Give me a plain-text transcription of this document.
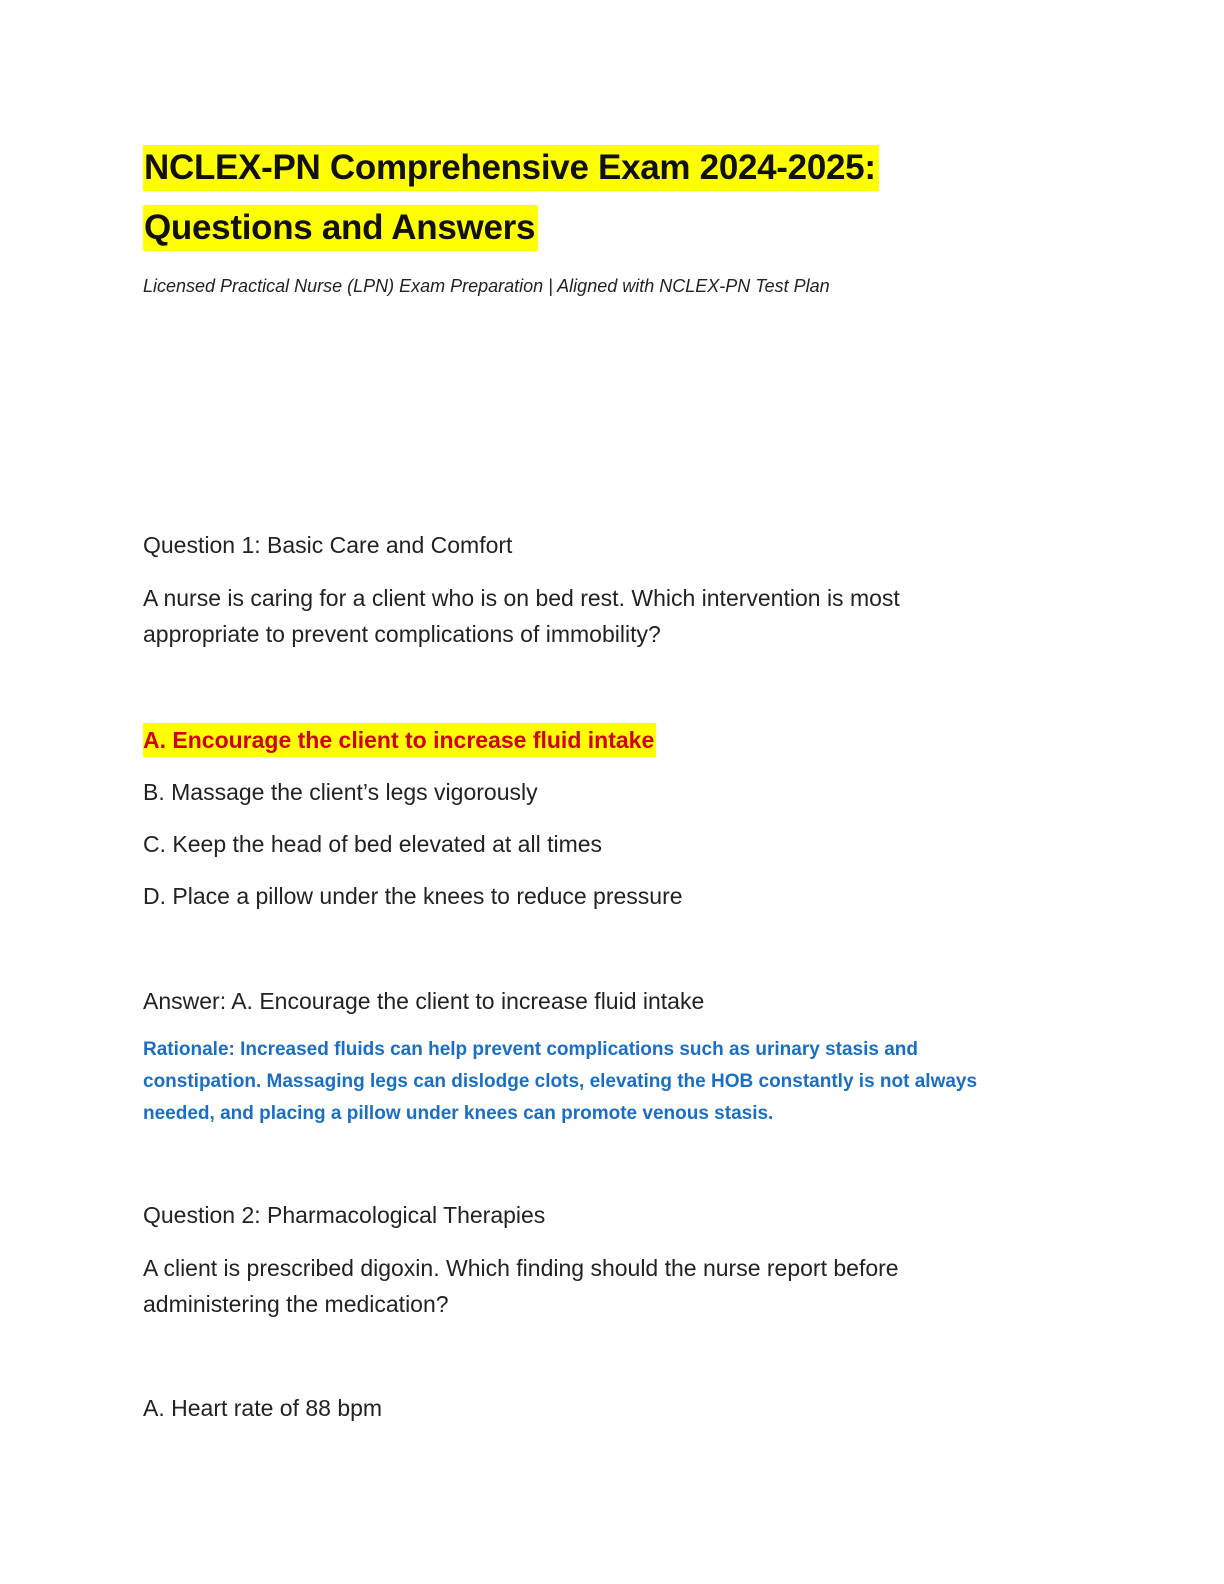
NCLEX-PN Comprehensive Exam 2024-2025:
Questions and Answers
Licensed Practical Nurse (LPN) Exam Preparation | Aligned with NCLEX-PN Test Plan
Question 1: Basic Care and Comfort
A nurse is caring for a client who is on bed rest. Which intervention is most
appropriate to prevent complications of immobility?
A. Encourage the client to increase fluid intake
B. Massage the client’s legs vigorously
C. Keep the head of bed elevated at all times
D. Place a pillow under the knees to reduce pressure
Answer: A. Encourage the client to increase fluid intake
Rationale: Increased fluids can help prevent complications such as urinary stasis and
constipation. Massaging legs can dislodge clots, elevating the HOB constantly is not always
needed, and placing a pillow under knees can promote venous stasis.
Question 2: Pharmacological Therapies
A client is prescribed digoxin. Which finding should the nurse report before
administering the medication?
A. Heart rate of 88 bpm
